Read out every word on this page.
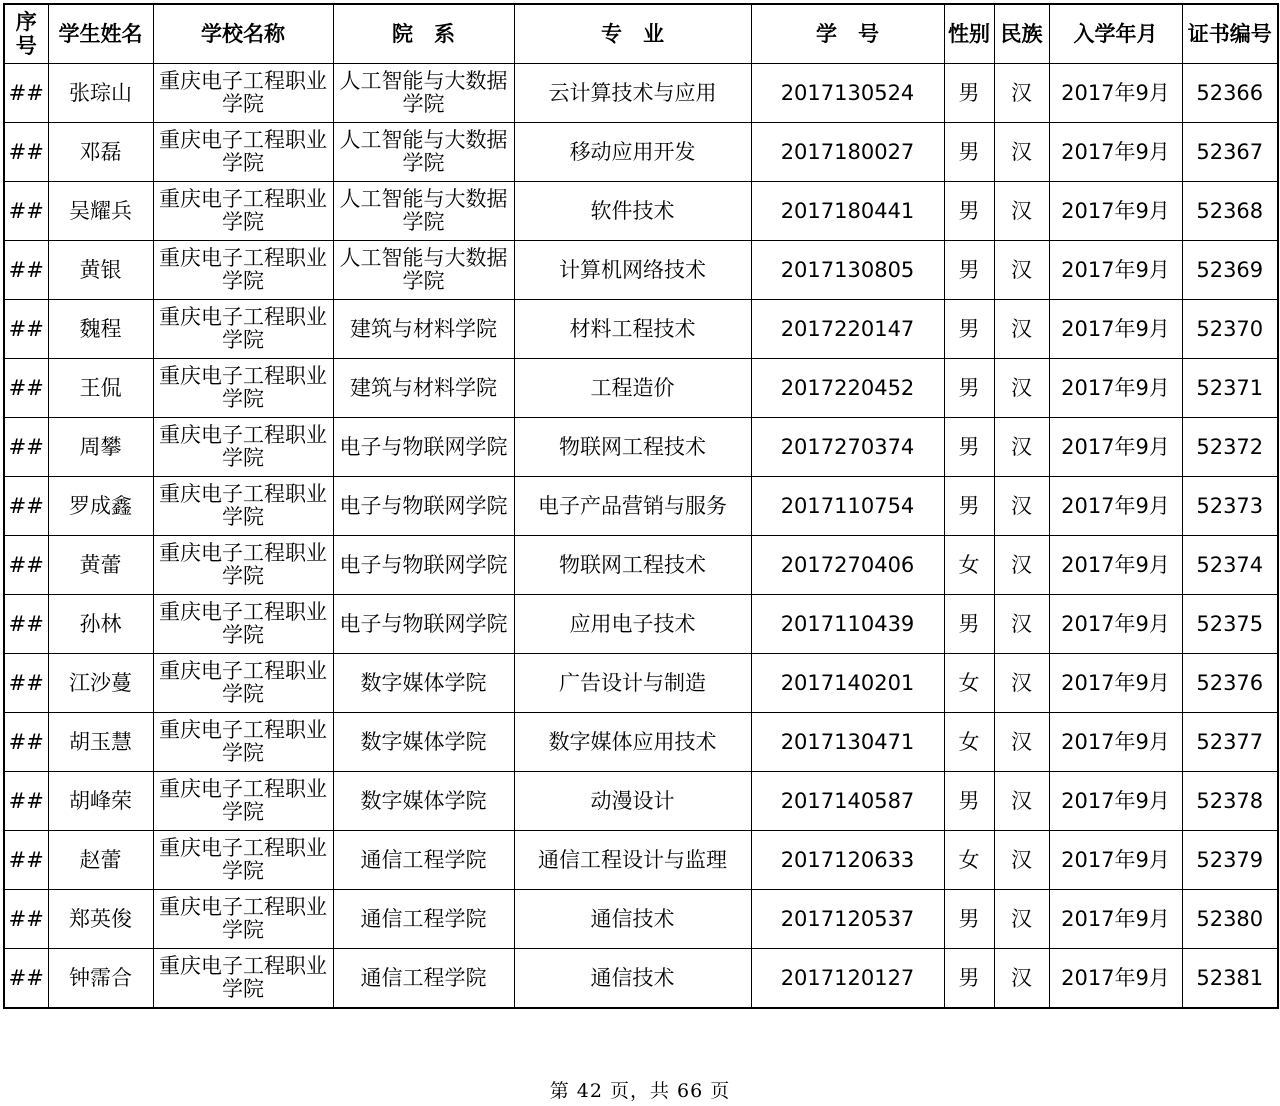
序号	学生姓名	学校名称	院　系	专　业	学　号	性别	民族	入学年月	证书编号
##	张琮山	重庆电子工程职业学院	人工智能与大数据学院	云计算技术与应用	2017130524	男	汉	2017年9月	52366
##	邓磊	重庆电子工程职业学院	人工智能与大数据学院	移动应用开发	2017180027	男	汉	2017年9月	52367
##	吴耀兵	重庆电子工程职业学院	人工智能与大数据学院	软件技术	2017180441	男	汉	2017年9月	52368
##	黄银	重庆电子工程职业学院	人工智能与大数据学院	计算机网络技术	2017130805	男	汉	2017年9月	52369
##	魏程	重庆电子工程职业学院	建筑与材料学院	材料工程技术	2017220147	男	汉	2017年9月	52370
##	王侃	重庆电子工程职业学院	建筑与材料学院	工程造价	2017220452	男	汉	2017年9月	52371
##	周攀	重庆电子工程职业学院	电子与物联网学院	物联网工程技术	2017270374	男	汉	2017年9月	52372
##	罗成鑫	重庆电子工程职业学院	电子与物联网学院	电子产品营销与服务	2017110754	男	汉	2017年9月	52373
##	黄蕾	重庆电子工程职业学院	电子与物联网学院	物联网工程技术	2017270406	女	汉	2017年9月	52374
##	孙林	重庆电子工程职业学院	电子与物联网学院	应用电子技术	2017110439	男	汉	2017年9月	52375
##	江沙蔓	重庆电子工程职业学院	数字媒体学院	广告设计与制造	2017140201	女	汉	2017年9月	52376
##	胡玉慧	重庆电子工程职业学院	数字媒体学院	数字媒体应用技术	2017130471	女	汉	2017年9月	52377
##	胡峰荣	重庆电子工程职业学院	数字媒体学院	动漫设计	2017140587	男	汉	2017年9月	52378
##	赵蕾	重庆电子工程职业学院	通信工程学院	通信工程设计与监理	2017120633	女	汉	2017年9月	52379
##	郑英俊	重庆电子工程职业学院	通信工程学院	通信技术	2017120537	男	汉	2017年9月	52380
##	钟霈合	重庆电子工程职业学院	通信工程学院	通信技术	2017120127	男	汉	2017年9月	52381
第 42 页，共 66 页
